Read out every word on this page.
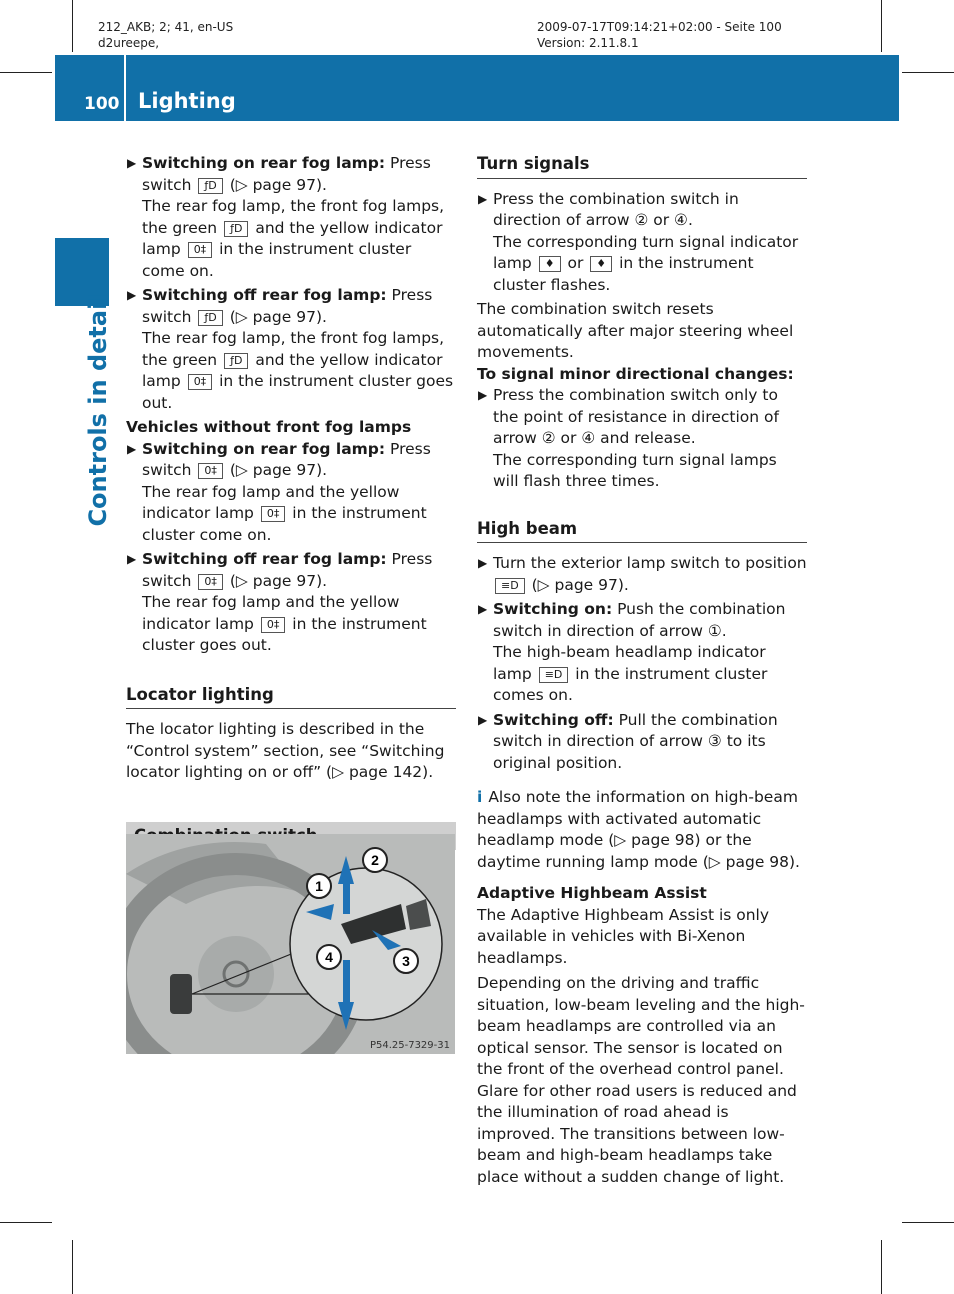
212_AKB; 2; 41, en-US
d2ureepe,
2009-07-17T09:14:21+02:00 - Seite 100
Version: 2.11.8.1
100 Lighting
Controls in detail
▶ Switching on rear fog lamp: Press switch ƒD (▷ page 97).
The rear fog lamp, the front fog lamps, the green ƒD and the yellow indicator lamp 0‡ in the instrument cluster come on.
▶ Switching off rear fog lamp: Press switch ƒD (▷ page 97).
The rear fog lamp, the front fog lamps, the green ƒD and the yellow indicator lamp 0‡ in the instrument cluster goes out.

Vehicles without front fog lamps

▶ Switching on rear fog lamp: Press switch 0‡ (▷ page 97).
The rear fog lamp and the yellow indicator lamp 0‡ in the instrument cluster come on.
▶ Switching off rear fog lamp: Press switch 0‡ (▷ page 97).
The rear fog lamp and the yellow indicator lamp 0‡ in the instrument cluster goes out.
Locator lighting

The locator lighting is described in the “Control system” section, see “Switching locator lighting on or off” (▷ page 142).

1
2
3
4
P54.25-7329-31
Turn signals
▶ Press the combination switch in direction of arrow ② or ④.
The corresponding turn signal indicator lamp ♦ or ♦ in the instrument cluster flashes.

The combination switch resets automatically after major steering wheel movements.

To signal minor directional changes:

▶ Press the combination switch only to the point of resistance in direction of arrow ② or ④ and release.
The corresponding turn signal lamps will flash three times.
High beam
▶ Turn the exterior lamp switch to position ≡D (▷ page 97).
▶ Switching on: Push the combination switch in direction of arrow ①.
The high-beam headlamp indicator lamp ≡D in the instrument cluster comes on.
▶ Switching off: Pull the combination switch in direction of arrow ③ to its original position.

i Also note the information on high-beam headlamps with activated automatic headlamp mode (▷ page 98) or the daytime running lamp mode (▷ page 98).

Adaptive Highbeam Assist

The Adaptive Highbeam Assist is only available in vehicles with Bi-Xenon headlamps.

Depending on the driving and traffic situation, low-beam leveling and the high-beam headlamps are controlled via an optical sensor. The sensor is located on the front of the overhead control panel. Glare for other road users is reduced and the illumination of road ahead is improved. The transitions between low-beam and high-beam headlamps take place without a sudden change of light.
